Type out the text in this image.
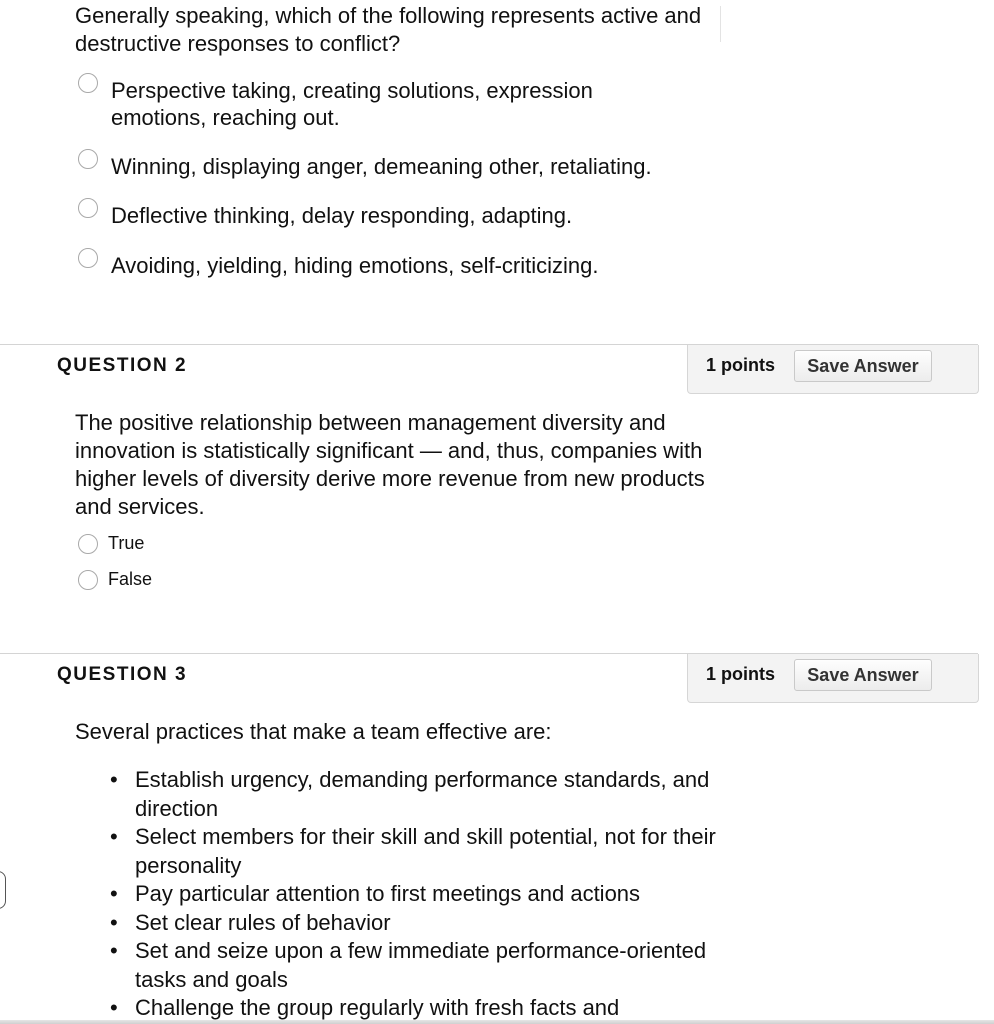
Generally speaking, which of the following represents active and destructive responses to conflict?

Perspective taking, creating solutions, expression emotions, reaching out.
Winning, displaying anger, demeaning other, retaliating.
Deflective thinking, delay responding, adapting.
Avoiding, yielding, hiding emotions, self-criticizing.
QUESTION 2	1 points	Save Answer

The positive relationship between management diversity and innovation is statistically significant — and, thus, companies with higher levels of diversity derive more revenue from new products and services.

True
False
QUESTION 3	1 points	Save Answer

Several practices that make a team effective are:

• Establish urgency, demanding performance standards, and direction
• Select members for their skill and skill potential, not for their personality
• Pay particular attention to first meetings and actions
• Set clear rules of behavior
• Set and seize upon a few immediate performance-oriented tasks and goals
• Challenge the group regularly with fresh facts and
